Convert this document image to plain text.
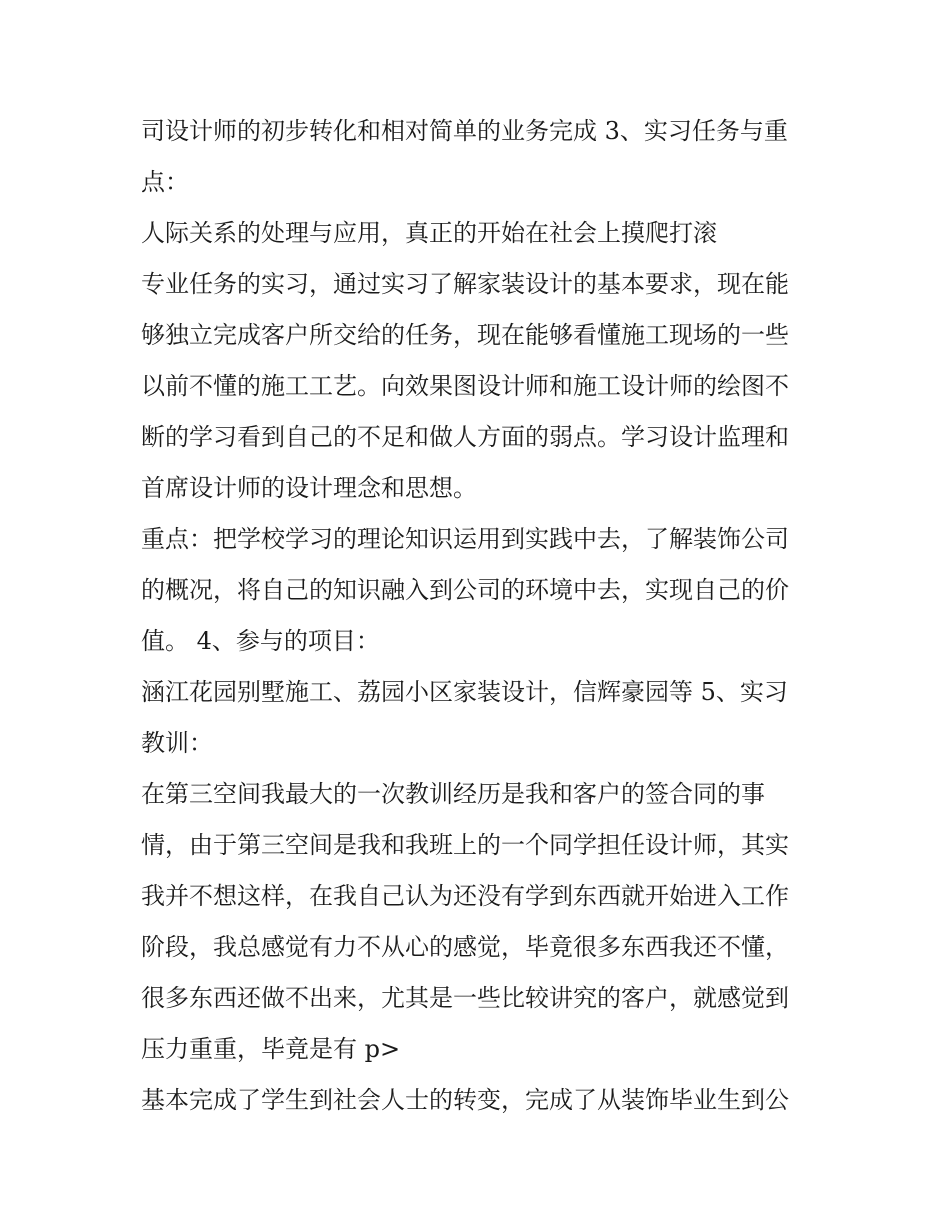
司设计师的初步转化和相对简单的业务完成 3、实习任务与重
点：

人际关系的处理与应用，真正的开始在社会上摸爬打滚

专业任务的实习，通过实习了解家装设计的基本要求，现在能
够独立完成客户所交给的任务，现在能够看懂施工现场的一些
以前不懂的施工工艺。向效果图设计师和施工设计师的绘图不
断的学习看到自己的不足和做人方面的弱点。学习设计监理和
首席设计师的设计理念和思想。

重点：把学校学习的理论知识运用到实践中去，了解装饰公司
的概况，将自己的知识融入到公司的环境中去，实现自己的价
值。 4、参与的项目：

涵江花园别墅施工、荔园小区家装设计，信辉豪园等 5、实习
教训：

在第三空间我最大的一次教训经历是我和客户的签合同的事
情，由于第三空间是我和我班上的一个同学担任设计师，其实
我并不想这样，在我自己认为还没有学到东西就开始进入工作
阶段，我总感觉有力不从心的感觉，毕竟很多东西我还不懂，
很多东西还做不出来，尤其是一些比较讲究的客户，就感觉到
压力重重，毕竟是有 p>

基本完成了学生到社会人士的转变，完成了从装饰毕业生到公
